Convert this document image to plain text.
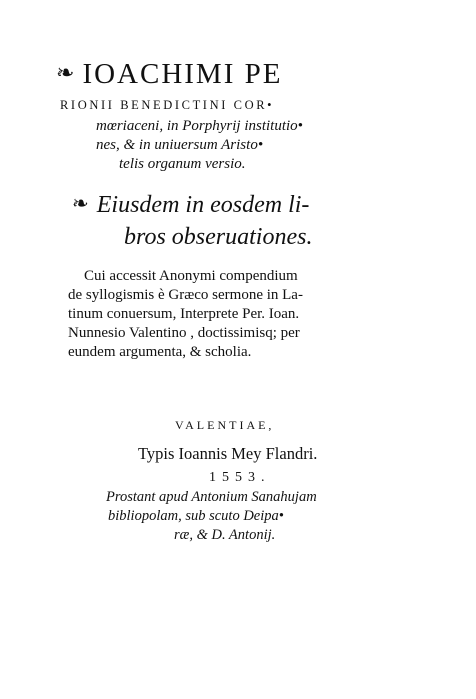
❧ IOACHIMI PE
RIONII BENEDICTINI COR•
mœriaceni, in Porphyrij institutio•
nes, & in uniuersum Aristo•
telis organum versio.
❧ Eiusdem in eosdem li-
bros obseruationes.
Cui accessit Anonymi compendium
de syllogismis è Græco sermone in La-
tinum conuersum, Interprete Per. Ioan.
Nunnesio Valentino , doctissimisq; per
eundem argumenta, & scholia.
VALENTIAE,
Typis Ioannis Mey Flandri.
1553.
Prostant apud Antonium Sanahujam
bibliopolam, sub scuto Deipa•
ræ, & D. Antonij.
